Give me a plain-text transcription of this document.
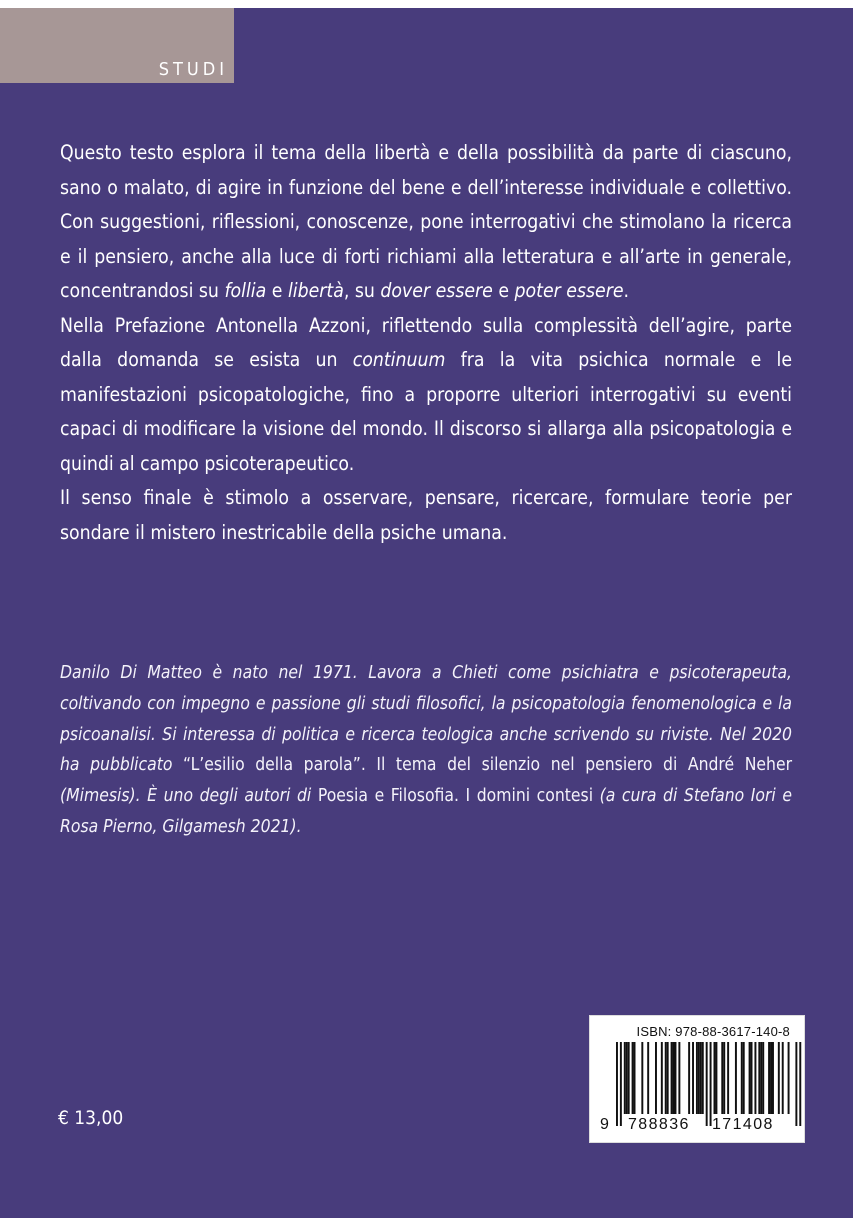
STUDI

Questo testo esplora il tema della libertà e della possibilità da parte di ciascuno, sano o malato, di agire in funzione del bene e dell’interesse individuale e collettivo. Con suggestioni, riflessioni, conoscenze, pone interrogativi che stimolano la ricerca e il pensiero, anche alla luce di forti richiami alla letteratura e all’arte in generale, concentrandosi su follia e libertà, su dover essere e poter essere.

Nella Prefazione Antonella Azzoni, riflettendo sulla complessità dell’agire, parte dalla domanda se esista un continuum fra la vita psichica normale e le manifestazioni psicopatologiche, fino a proporre ulteriori interrogativi su eventi capaci di modificare la visione del mondo. Il discorso si allarga alla psicopatologia e quindi al campo psicoterapeutico.

Il senso finale è stimolo a osservare, pensare, ricercare, formulare teorie per sondare il mistero inestricabile della psiche umana.

Danilo Di Matteo è nato nel 1971. Lavora a Chieti come psichiatra e psicoterapeuta, coltivando con impegno e passione gli studi filosofici, la psicopatologia fenomenologica e la psicoanalisi. Si interessa di politica e ricerca teologica anche scrivendo su riviste. Nel 2020 ha pubblicato “L’esilio della parola”. Il tema del silenzio nel pensiero di André Neher (Mimesis). È uno degli autori di Poesia e Filosofia. I domini contesi (a cura di Stefano Iori e Rosa Pierno, Gilgamesh 2021).

€ 13,00
ISBN: 978-88-3617-140-8
9 788836 171408
